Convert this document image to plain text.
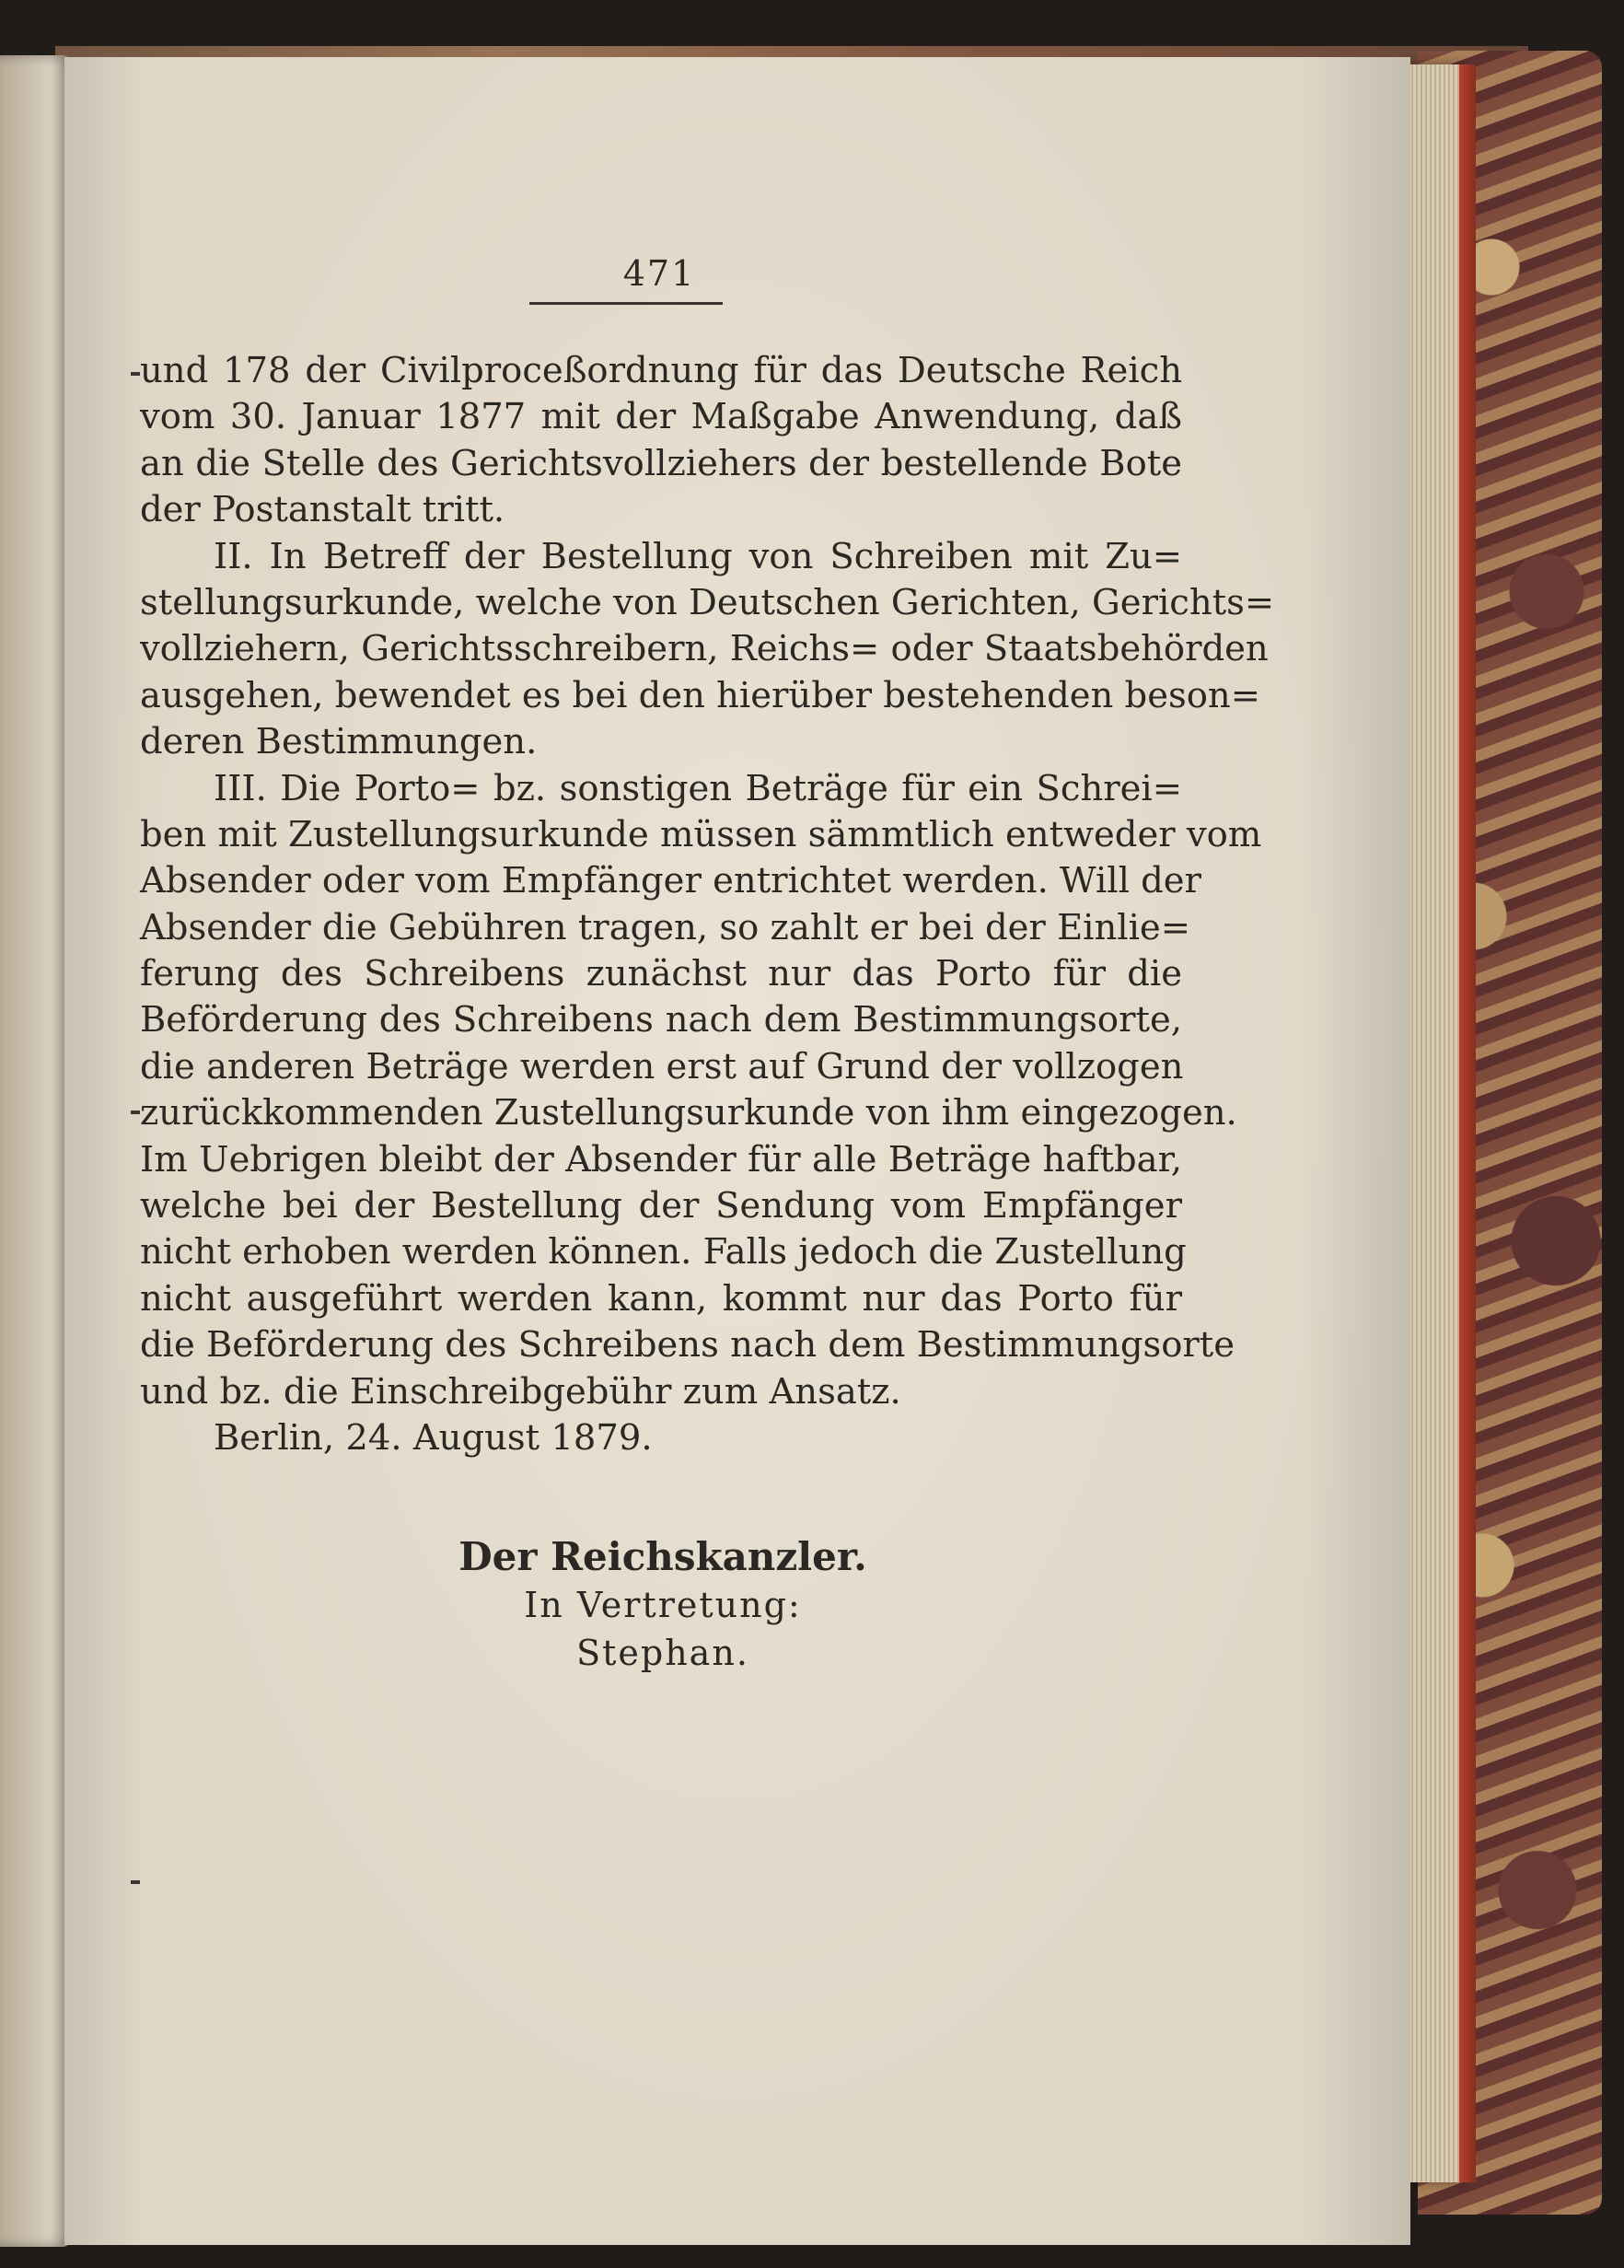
471
und 178 der Civilproceßordnung für das Deutsche Reich
vom 30. Januar 1877 mit der Maßgabe Anwendung, daß
an die Stelle des Gerichtsvollziehers der bestellende Bote
der Postanstalt tritt.
II. In Betreff der Bestellung von Schreiben mit Zu=
stellungsurkunde, welche von Deutschen Gerichten, Gerichts=
vollziehern, Gerichtsschreibern, Reichs= oder Staatsbehörden
ausgehen, bewendet es bei den hierüber bestehenden beson=
deren Bestimmungen.
III. Die Porto= bz. sonstigen Beträge für ein Schrei=
ben mit Zustellungsurkunde müssen sämmtlich entweder vom
Absender oder vom Empfänger entrichtet werden. Will der
Absender die Gebühren tragen, so zahlt er bei der Einlie=
ferung des Schreibens zunächst nur das Porto für die
Beförderung des Schreibens nach dem Bestimmungsorte,
die anderen Beträge werden erst auf Grund der vollzogen
zurückkommenden Zustellungsurkunde von ihm eingezogen.
Im Uebrigen bleibt der Absender für alle Beträge haftbar,
welche bei der Bestellung der Sendung vom Empfänger
nicht erhoben werden können. Falls jedoch die Zustellung
nicht ausgeführt werden kann, kommt nur das Porto für
die Beförderung des Schreibens nach dem Bestimmungsorte
und bz. die Einschreibgebühr zum Ansatz.
Berlin, 24. August 1879.
Der Reichskanzler.
In Vertretung:
Stephan.
